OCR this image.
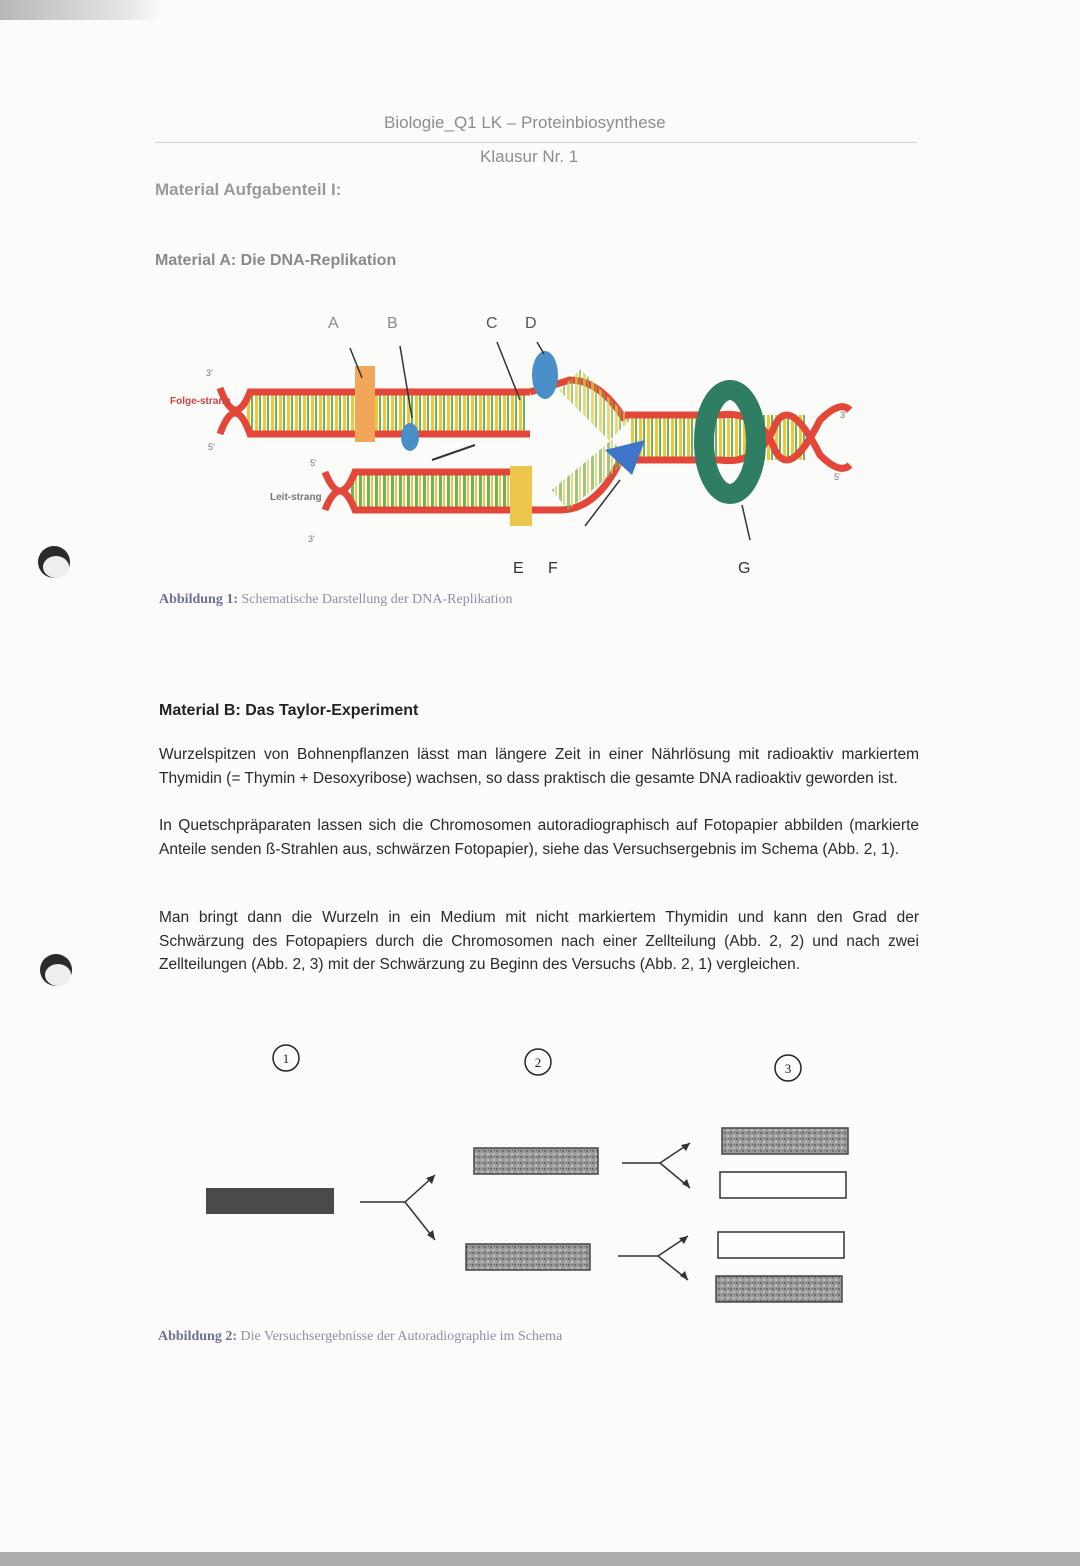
Biologie_Q1 LK – Proteinbiosynthese
Klausur Nr. 1
Material Aufgabenteil I:
Material A: Die DNA-Replikation
A	B	C D
3'
Folge-strang
5'
5'
Leit-strang
3'
3'
5'
E F	G
Abbildung 1: Schematische Darstellung der DNA-Replikation
Material B: Das Taylor-Experiment
Wurzelspitzen von Bohnenpflanzen lässt man längere Zeit in einer Nährlösung mit radioaktiv markiertem Thymidin (= Thymin + Desoxyribose) wachsen, so dass praktisch die gesamte DNA radioaktiv geworden ist.
In Quetschpräparaten lassen sich die Chromosomen autoradiographisch auf Fotopapier abbilden (markierte Anteile senden ß-Strahlen aus, schwärzen Fotopapier), siehe das Versuchsergebnis im Schema (Abb. 2, 1).
Man bringt dann die Wurzeln in ein Medium mit nicht markiertem Thymidin und kann den Grad der Schwärzung des Fotopapiers durch die Chromosomen nach einer Zellteilung (Abb. 2, 2) und nach zwei Zellteilungen (Abb. 2, 3) mit der Schwärzung zu Beginn des Versuchs (Abb. 2, 1) vergleichen.
1	2	3
Abbildung 2: Die Versuchsergebnisse der Autoradiographie im Schema
